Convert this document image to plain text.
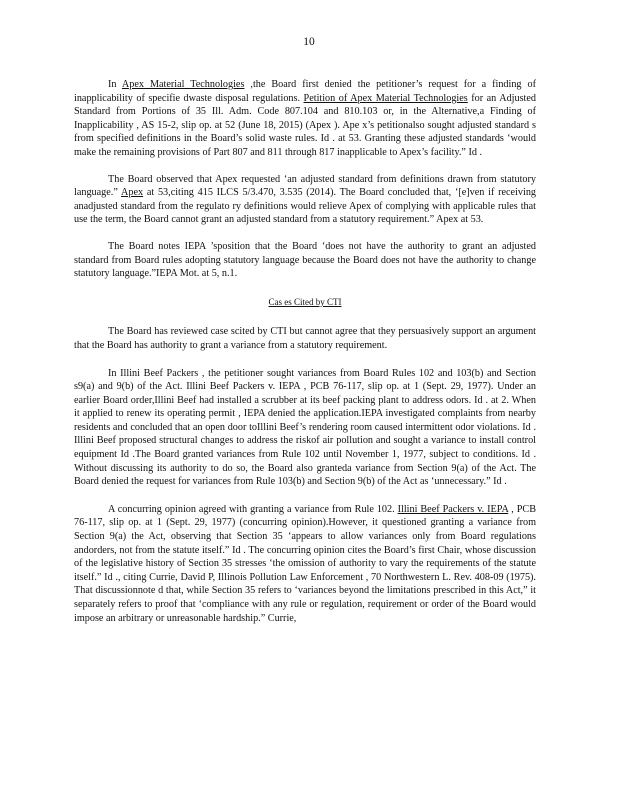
10

In Apex Material Technologies ,the Board first denied the petitioner’s request for a finding of inapplicability of specifie dwaste disposal regulations. Petition of Apex Material Technologies for an Adjusted Standard from Portions of 35 Ill. Adm. Code 807.104 and 810.103 or, in the Alternative,a Finding of Inapplicability , AS 15-2, slip op. at 52 (June 18, 2015) (Apex ). Ape x’s petitionalso sought adjusted standard s from specified definitions in the Board’s solid waste rules. Id . at 53. Granting these adjusted standards ‘would make the remaining provisions of Part 807 and 811 through 817 inapplicable to Apex’s facility.” Id .

The Board observed that Apex requested ‘an adjusted standard from definitions drawn from statutory language.” Apex at 53,citing 415 ILCS 5/3.470, 3.535 (2014). The Board concluded that, ‘[e]ven if receiving anadjusted standard from the regulato ry definitions would relieve Apex of complying with applicable rules that use the term, the Board cannot grant an adjusted standard from a statutory requirement.” Apex at 53.

The Board notes IEPA ’sposition that the Board ‘does not have the authority to grant an adjusted standard from Board rules adopting statutory language because the Board does not have the authority to change statutory language.”IEPA Mot. at 5, n.1.

Cas es Cited by CTI

The Board has reviewed case scited by CTI but cannot agree that they persuasively support an argument that the Board has authority to grant a variance from a statutory requirement.

In Illini Beef Packers , the petitioner sought variances from Board Rules 102 and 103(b) and Section s9(a) and 9(b) of the Act. Illini Beef Packers v. IEPA , PCB 76-117, slip op. at 1 (Sept. 29, 1977). Under an earlier Board order,Illini Beef had installed a scrubber at its beef packing plant to address odors. Id . at 2. When it applied to renew its operating permit , IEPA denied the application.IEPA investigated complaints from nearby residents and concluded that an open door toIllini Beef’s rendering room caused intermittent odor violations. Id . Illini Beef proposed structural changes to address the riskof air pollution and sought a variance to install control equipment Id .The Board granted variances from Rule 102 until November 1, 1977, subject to conditions. Id . Without discussing its authority to do so, the Board also granteda variance from Section 9(a) of the Act. The Board denied the request for variances from Rule 103(b) and Section 9(b) of the Act as ‘unnecessary.” Id .

A concurring opinion agreed with granting a variance from Rule 102. Illini Beef Packers v. IEPA , PCB 76-117, slip op. at 1 (Sept. 29, 1977) (concurring opinion).However, it questioned granting a variance from Section 9(a) the Act, observing that Section 35 ‘appears to allow variances only from Board regulations andorders, not from the statute itself.” Id . The concurring opinion cites the Board’s first Chair, whose discussion of the legislative history of Section 35 stresses ‘the omission of authority to vary the requirements of the statute itself.” Id ., citing Currie, David P, Illinois Pollution Law Enforcement , 70 Northwestern L. Rev. 408-09 (1975). That discussionnote d that, while Section 35 refers to ‘variances beyond the limitations prescribed in this Act,” it separately refers to proof that ‘compliance with any rule or regulation, requirement or order of the Board would impose an arbitrary or unreasonable hardship.” Currie,
